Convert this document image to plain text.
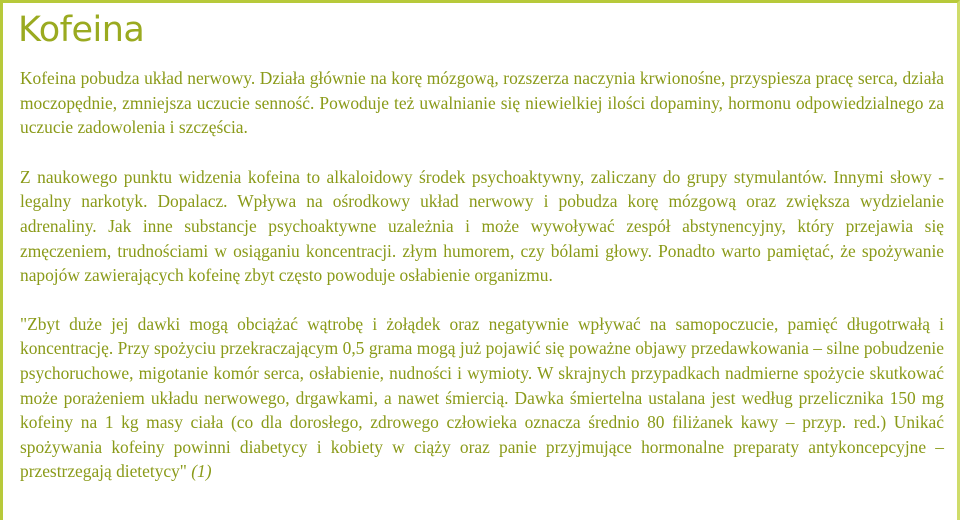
Kofeina

Kofeina pobudza układ nerwowy. Działa głównie na korę mózgową, rozszerza naczynia krwionośne, przyspiesza pracę serca, działa moczopędnie, zmniejsza uczucie senność. Powoduje też uwalnianie się niewielkiej ilości dopaminy, hormonu odpowiedzialnego za uczucie zadowolenia i szczęścia.

Z naukowego punktu widzenia kofeina to alkaloidowy środek psychoaktywny, zaliczany do grupy stymulantów. Innymi słowy - legalny narkotyk. Dopalacz. Wpływa na ośrodkowy układ nerwowy i pobudza korę mózgową oraz zwiększa wydzielanie adrenaliny. Jak inne substancje psychoaktywne uzależnia i może wywoływać zespół abstynencyjny, który przejawia się zmęczeniem, trudnościami w osiąganiu koncentracji. złym humorem, czy bólami głowy. Ponadto warto pamiętać, że spożywanie napojów zawierających kofeinę zbyt często powoduje osłabienie organizmu.

"Zbyt duże jej dawki mogą obciążać wątrobę i żołądek oraz negatywnie wpływać na samopoczucie, pamięć długotrwałą i koncentrację. Przy spożyciu przekraczającym 0,5 grama mogą już pojawić się poważne objawy przedawkowania – silne pobudzenie psychoruchowe, migotanie komór serca, osłabienie, nudności i wymioty. W skrajnych przypadkach nadmierne spożycie skutkować może porażeniem układu nerwowego, drgawkami, a nawet śmiercią. Dawka śmiertelna ustalana jest według przelicznika 150 mg kofeiny na 1 kg masy ciała (co dla dorosłego, zdrowego człowieka oznacza średnio 80 filiżanek kawy – przyp. red.) Unikać spożywania kofeiny powinni diabetycy i kobiety w ciąży oraz panie przyjmujące hormonalne preparaty antykoncepcyjne – przestrzegają dietetycy" (1)
